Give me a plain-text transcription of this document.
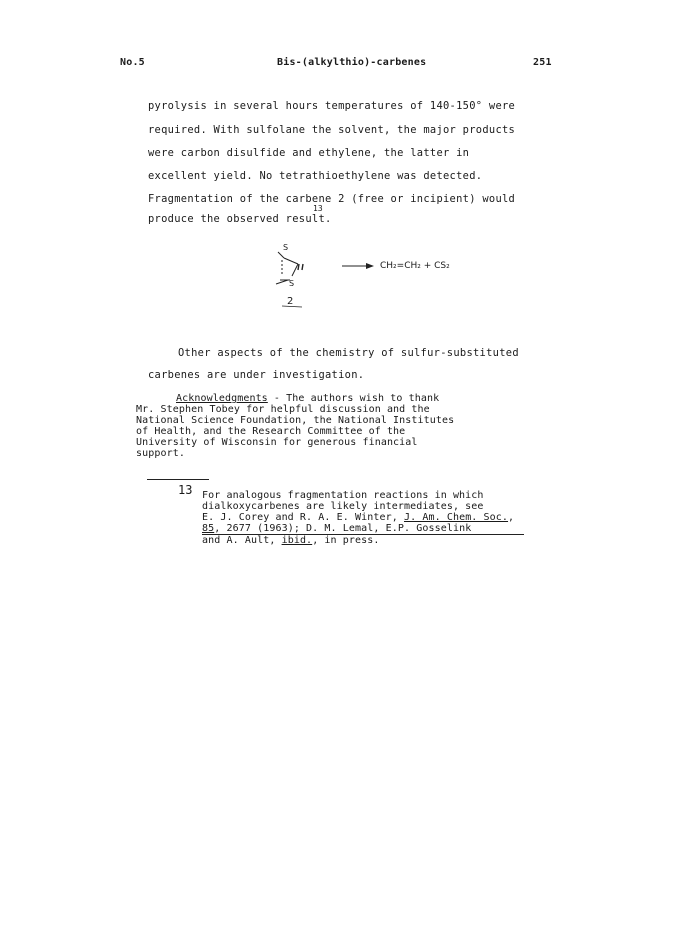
No.5	Bis-(alkylthio)-carbenes	251
pyrolysis in several hours temperatures of 140-150° were
required. With sulfolane the solvent, the major products
were carbon disulfide and ethylene, the latter in
excellent yield. No tetrathioethylene was detected.
Fragmentation of the carbene 2 (free or incipient) would
13
produce the observed result.
S
S
2
CH₂=CH₂ + CS₂
Other aspects of the chemistry of sulfur-substituted
carbenes are under investigation.
Acknowledgments - The authors wish to thank
Mr. Stephen Tobey for helpful discussion and the
National Science Foundation, the National Institutes
of Health, and the Research Committee of the
University of Wisconsin for generous financial
support.
13 For analogous fragmentation reactions in which
dialkoxycarbenes are likely intermediates, see
E. J. Corey and R. A. E. Winter, J. Am. Chem. Soc.,
85, 2677 (1963); D. M. Lemal, E.P. Gosselink
and A. Ault, ibid., in press.
